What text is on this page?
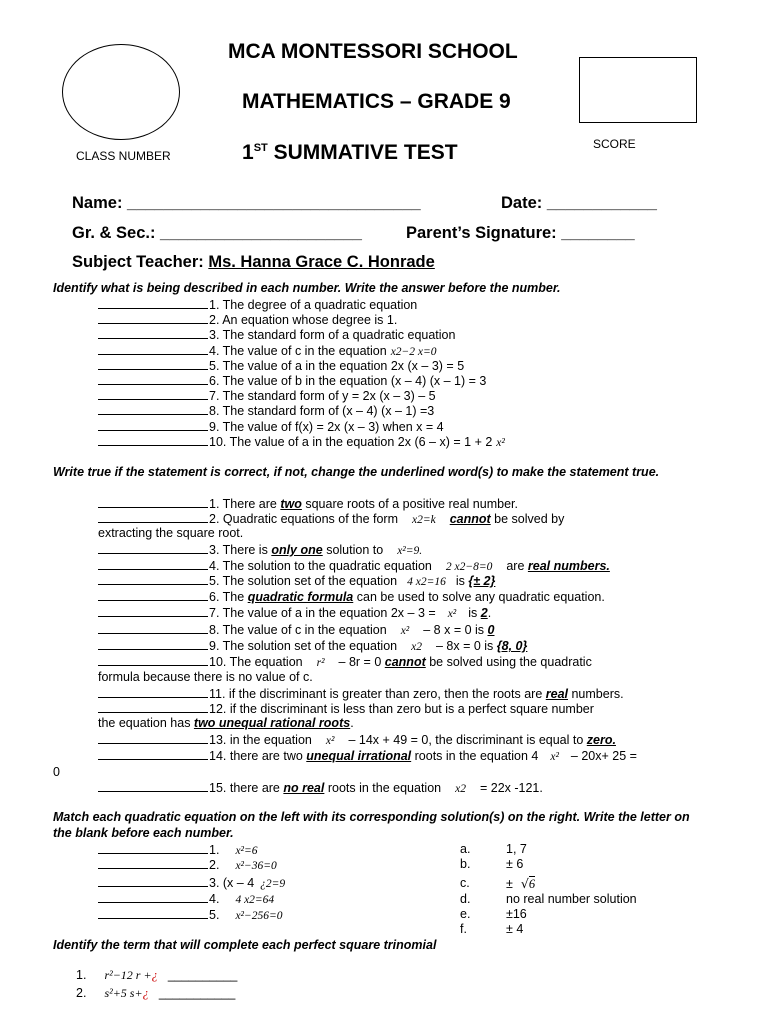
MCA MONTESSORI SCHOOL
MATHEMATICS – GRADE 9
1ST SUMMATIVE TEST
CLASS NUMBER
SCORE
Name: ________________________________	Date: ____________
Gr. & Sec.: ______________________	Parent’s Signature: ________
Subject Teacher: Ms. Hanna Grace C. Honrade
Identify what is being described in each number. Write the answer before the number.
1. The degree of a quadratic equation
2. An equation whose degree is 1.
3. The standard form of a quadratic equation
4. The value of c in the equation x2−2 x=0
5. The value of a in the equation 2x (x – 3) = 5
6. The value of b in the equation (x – 4) (x – 1) = 3
7. The standard form of y = 2x (x – 3) – 5
8. The standard form of (x – 4) (x – 1) =3
9. The value of f(x) = 2x (x – 3) when x = 4
10. The value of a in the equation 2x (6 – x) = 1 + 2 x²
Write true if the statement is correct, if not, change the underlined word(s) to make the statement true.
1. There are two square roots of a positive real number.
2. Quadratic equations of the form x2=k cannot be solved by
extracting the square root.
3. There is only one solution to x²=9.
4. The solution to the quadratic equation 2 x2−8=0 are real numbers.
5. The solution set of the equation 4 x2=16 is {± 2}
6. The quadratic formula can be used to solve any quadratic equation.
7. The value of a in the equation 2x – 3 = x² is 2.
8. The value of c in the equation x² – 8 x = 0 is 0
9. The solution set of the equation x2 – 8x = 0 is {8, 0}
10. The equation r² – 8r = 0 cannot be solved using the quadratic
formula because there is no value of c.
11. if the discriminant is greater than zero, then the roots are real numbers.
12. if the discriminant is less than zero but is a perfect square number
the equation has two unequal rational roots.
13. in the equation x² – 14x + 49 = 0, the discriminant is equal to zero.
14. there are two unequal irrational roots in the equation 4 x² – 20x+ 25 =
0
15. there are no real roots in the equation x2 = 22x -121.
Match each quadratic equation on the left with its corresponding solution(s) on the right. Write the letter on the blank before each number.
1. x²=6
2. x²−36=0
3. (x – 4 ¿2=9
4. 4 x2=64
5. x²−256=0
a.	1, 7
b.	± 6
c.	± √6
d.	no real number solution
e.	±16
f.	± 4
Identify the term that will complete each perfect square trinomial
1. r²−12 r +¿ __________
2. s²+5 s+¿ ___________
